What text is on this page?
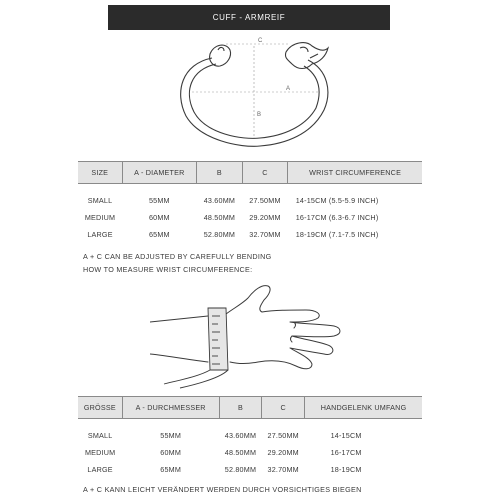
CUFF - ARMREIF
C
A
B
SIZE	A - DIAMETER	B	C	WRIST CIRCUMFERENCE

SMALL	55MM	43.60MM	27.50MM	14-15CM (5.5-5.9 INCH)
MEDIUM	60MM	48.50MM	29.20MM	16-17CM (6.3-6.7 INCH)
LARGE	65MM	52.80MM	32.70MM	18-19CM (7.1-7.5 INCH)
A + C CAN BE ADJUSTED BY CAREFULLY BENDING
HOW TO MEASURE WRIST CIRCUMFERENCE:
GRÖSSE	A - DURCHMESSER	B	C	HANDGELENK UMFANG

SMALL	55MM	43.60MM	27.50MM	14-15CM
MEDIUM	60MM	48.50MM	29.20MM	16-17CM
LARGE	65MM	52.80MM	32.70MM	18-19CM
A + C KANN LEICHT VERÄNDERT WERDEN DURCH VORSICHTIGES BIEGEN
